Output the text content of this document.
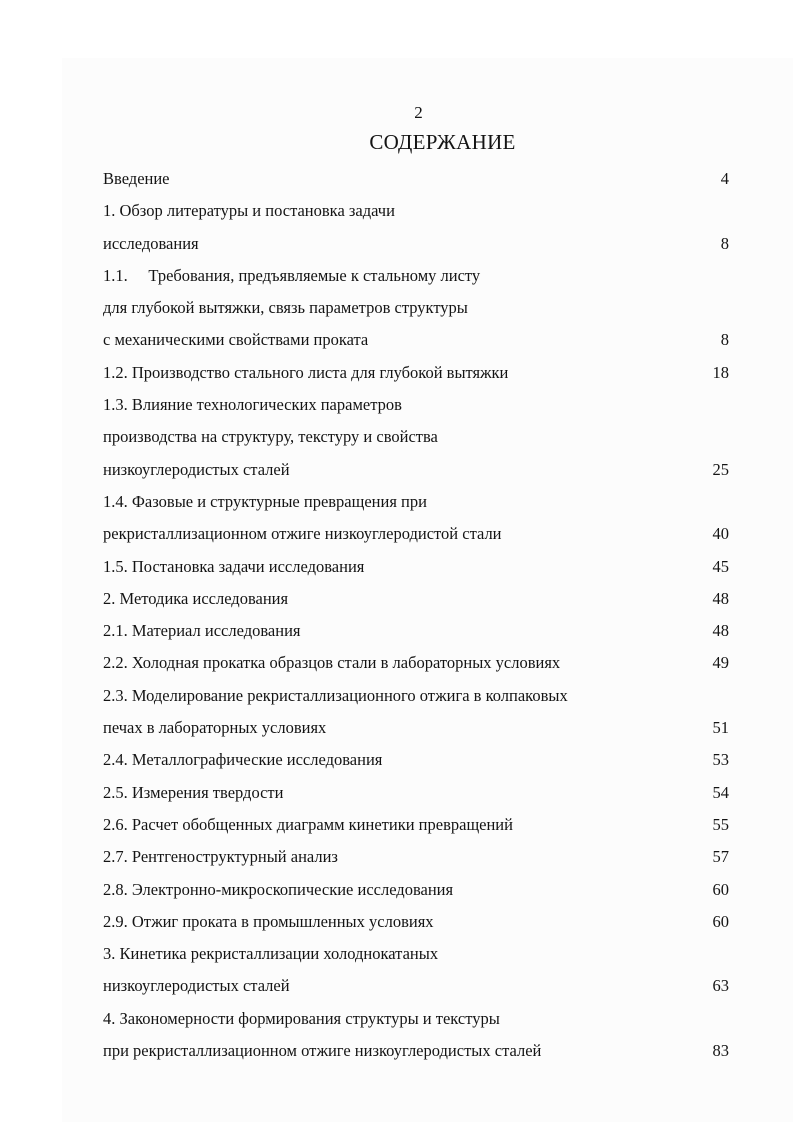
2
СОДЕРЖАНИЕ
Введение	4
1. Обзор литературы и постановка задачи
исследования	8
1.1.     Требования, предъявляемые к стальному листу
для глубокой вытяжки, связь параметров структуры
с механическими свойствами проката	8
1.2. Производство стального листа для глубокой вытяжки	18
1.3. Влияние технологических параметров
производства на структуру, текстуру и свойства
низкоуглеродистых сталей	25
1.4. Фазовые и структурные превращения при
рекристаллизационном отжиге низкоуглеродистой стали	40
1.5. Постановка задачи исследования	45
2. Методика исследования	48
2.1. Материал исследования	48
2.2. Холодная прокатка образцов стали в лабораторных условиях	49
2.3. Моделирование рекристаллизационного отжига в колпаковых
печах в лабораторных условиях	51
2.4. Металлографические исследования	53
2.5. Измерения твердости	54
2.6. Расчет обобщенных диаграмм кинетики превращений	55
2.7. Рентгеноструктурный анализ	57
2.8. Электронно-микроскопические исследования	60
2.9. Отжиг проката в промышленных условиях	60
3. Кинетика рекристаллизации холоднокатаных
низкоуглеродистых сталей	63
4. Закономерности формирования структуры и текстуры
при рекристаллизационном отжиге низкоуглеродистых сталей	83
